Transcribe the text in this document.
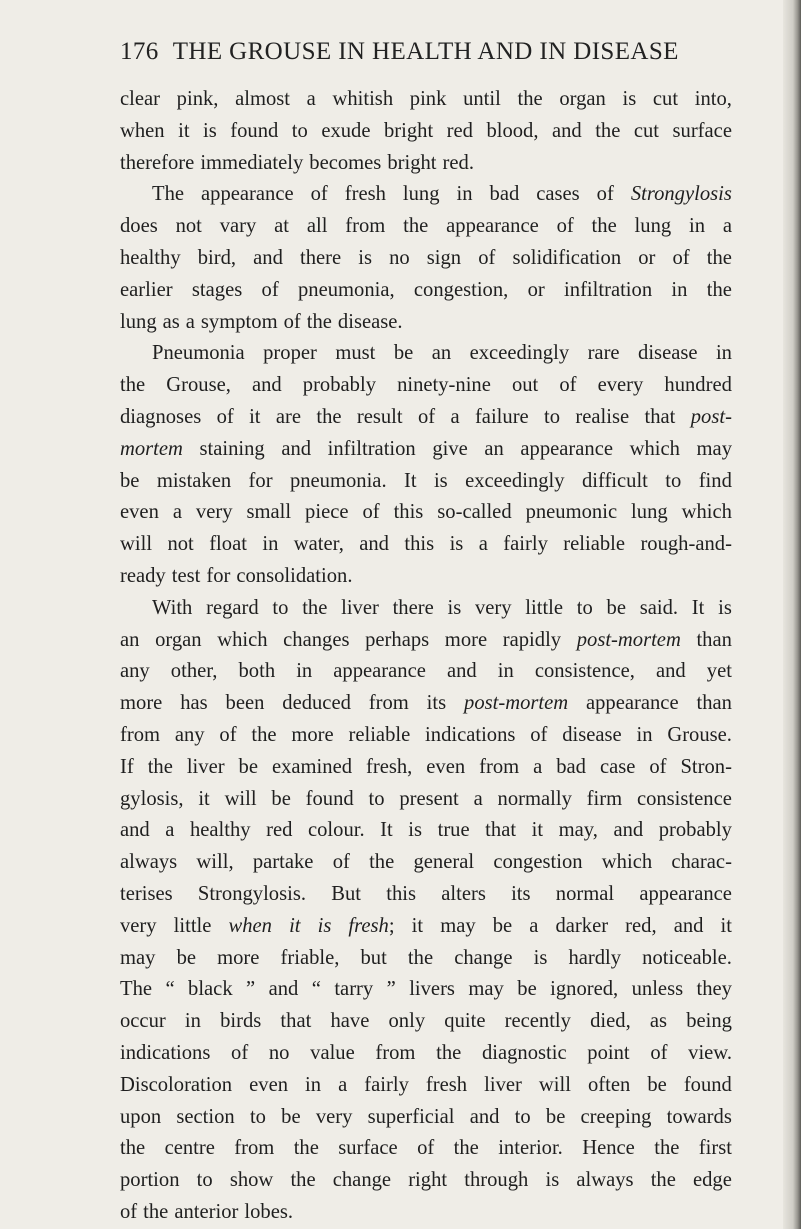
176 THE GROUSE IN HEALTH AND IN DISEASE
clear pink, almost a whitish pink until the organ is cut into,
when it is found to exude bright red blood, and the cut surface
therefore immediately becomes bright red.
The appearance of fresh lung in bad cases of Strongylosis
does not vary at all from the appearance of the lung in a
healthy bird, and there is no sign of solidification or of the
earlier stages of pneumonia, congestion, or infiltration in the
lung as a symptom of the disease.
Pneumonia proper must be an exceedingly rare disease in
the Grouse, and probably ninety-nine out of every hundred
diagnoses of it are the result of a failure to realise that post-
mortem staining and infiltration give an appearance which may
be mistaken for pneumonia. It is exceedingly difficult to find
even a very small piece of this so-called pneumonic lung which
will not float in water, and this is a fairly reliable rough-and-
ready test for consolidation.
With regard to the liver there is very little to be said. It is
an organ which changes perhaps more rapidly post-mortem than
any other, both in appearance and in consistence, and yet
more has been deduced from its post-mortem appearance than
from any of the more reliable indications of disease in Grouse.
If the liver be examined fresh, even from a bad case of Stron-
gylosis, it will be found to present a normally firm consistence
and a healthy red colour. It is true that it may, and probably
always will, partake of the general congestion which charac-
terises Strongylosis. But this alters its normal appearance
very little when it is fresh; it may be a darker red, and it
may be more friable, but the change is hardly noticeable.
The “ black ” and “ tarry ” livers may be ignored, unless they
occur in birds that have only quite recently died, as being
indications of no value from the diagnostic point of view.
Discoloration even in a fairly fresh liver will often be found
upon section to be very superficial and to be creeping towards
the centre from the surface of the interior. Hence the first
portion to show the change right through is always the edge
of the anterior lobes.
